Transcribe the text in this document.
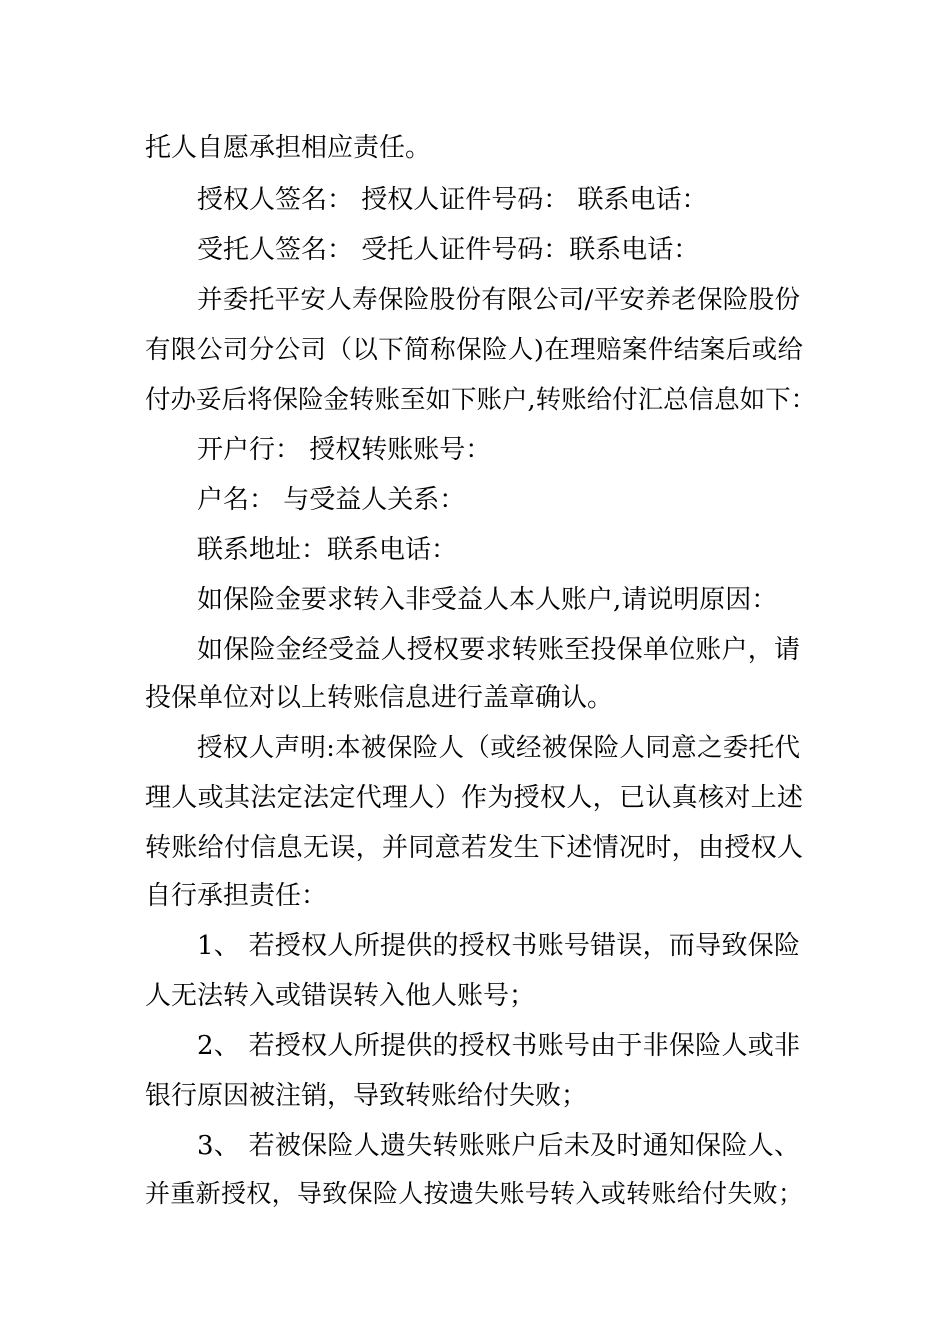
托人自愿承担相应责任。
授权人签名： 授权人证件号码： 联系电话：
受托人签名： 受托人证件号码：联系电话：
并委托平安人寿保险股份有限公司/平安养老保险股份
有限公司分公司（以下简称保险人)在理赔案件结案后或给
付办妥后将保险金转账至如下账户,转账给付汇总信息如下：
开户行： 授权转账账号：
户名： 与受益人关系：
联系地址：联系电话：
如保险金要求转入非受益人本人账户,请说明原因：
如保险金经受益人授权要求转账至投保单位账户，请
投保单位对以上转账信息进行盖章确认。
授权人声明:本被保险人（或经被保险人同意之委托代
理人或其法定法定代理人）作为授权人，已认真核对上述
转账给付信息无误，并同意若发生下述情况时，由授权人
自行承担责任：
1、 若授权人所提供的授权书账号错误，而导致保险
人无法转入或错误转入他人账号；
2、 若授权人所提供的授权书账号由于非保险人或非
银行原因被注销，导致转账给付失败；
3、 若被保险人遗失转账账户后未及时通知保险人、
并重新授权，导致保险人按遗失账号转入或转账给付失败；
